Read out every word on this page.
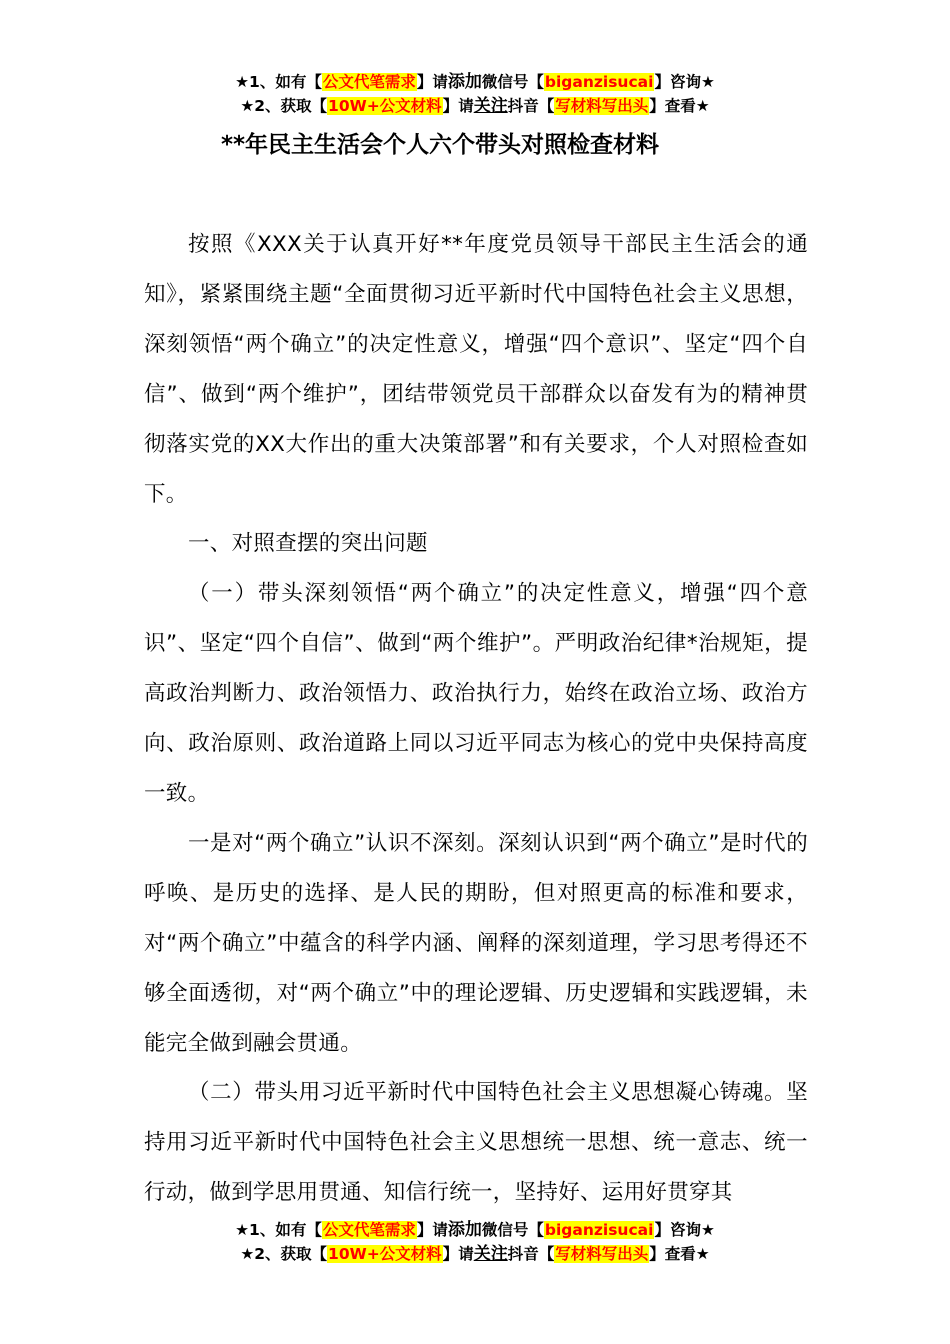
★1、如有【公文代笔需求】请添加微信号【biganzisucai】咨询★
★2、获取【10W+公文材料】请关注抖音【写材料写出头】查看★
**年民主生活会个人六个带头对照检查材料

按照《XXX关于认真开好**年度党员领导干部民主生活会的通知》，紧紧围绕主题“全面贯彻习近平新时代中国特色社会主义思想，深刻领悟“两个确立”的决定性意义，增强“四个意识”、坚定“四个自信”、做到“两个维护”，团结带领党员干部群众以奋发有为的精神贯彻落实党的XX大作出的重大决策部署”和有关要求，个人对照检查如下。

一、对照查摆的突出问题

（一）带头深刻领悟“两个确立”的决定性意义，增强“四个意识”、坚定“四个自信”、做到“两个维护”。严明政治纪律*治规矩，提高政治判断力、政治领悟力、政治执行力，始终在政治立场、政治方向、政治原则、政治道路上同以习近平同志为核心的党中央保持高度一致。

一是对“两个确立”认识不深刻。深刻认识到“两个确立”是时代的呼唤、是历史的选择、是人民的期盼，但对照更高的标准和要求，对“两个确立”中蕴含的科学内涵、阐释的深刻道理，学习思考得还不够全面透彻，对“两个确立”中的理论逻辑、历史逻辑和实践逻辑，未能完全做到融会贯通。

（二）带头用习近平新时代中国特色社会主义思想凝心铸魂。坚持用习近平新时代中国特色社会主义思想统一思想、统一意志、统一行动，做到学思用贯通、知信行统一，坚持好、运用好贯穿其

★1、如有【公文代笔需求】请添加微信号【biganzisucai】咨询★
★2、获取【10W+公文材料】请关注抖音【写材料写出头】查看★
